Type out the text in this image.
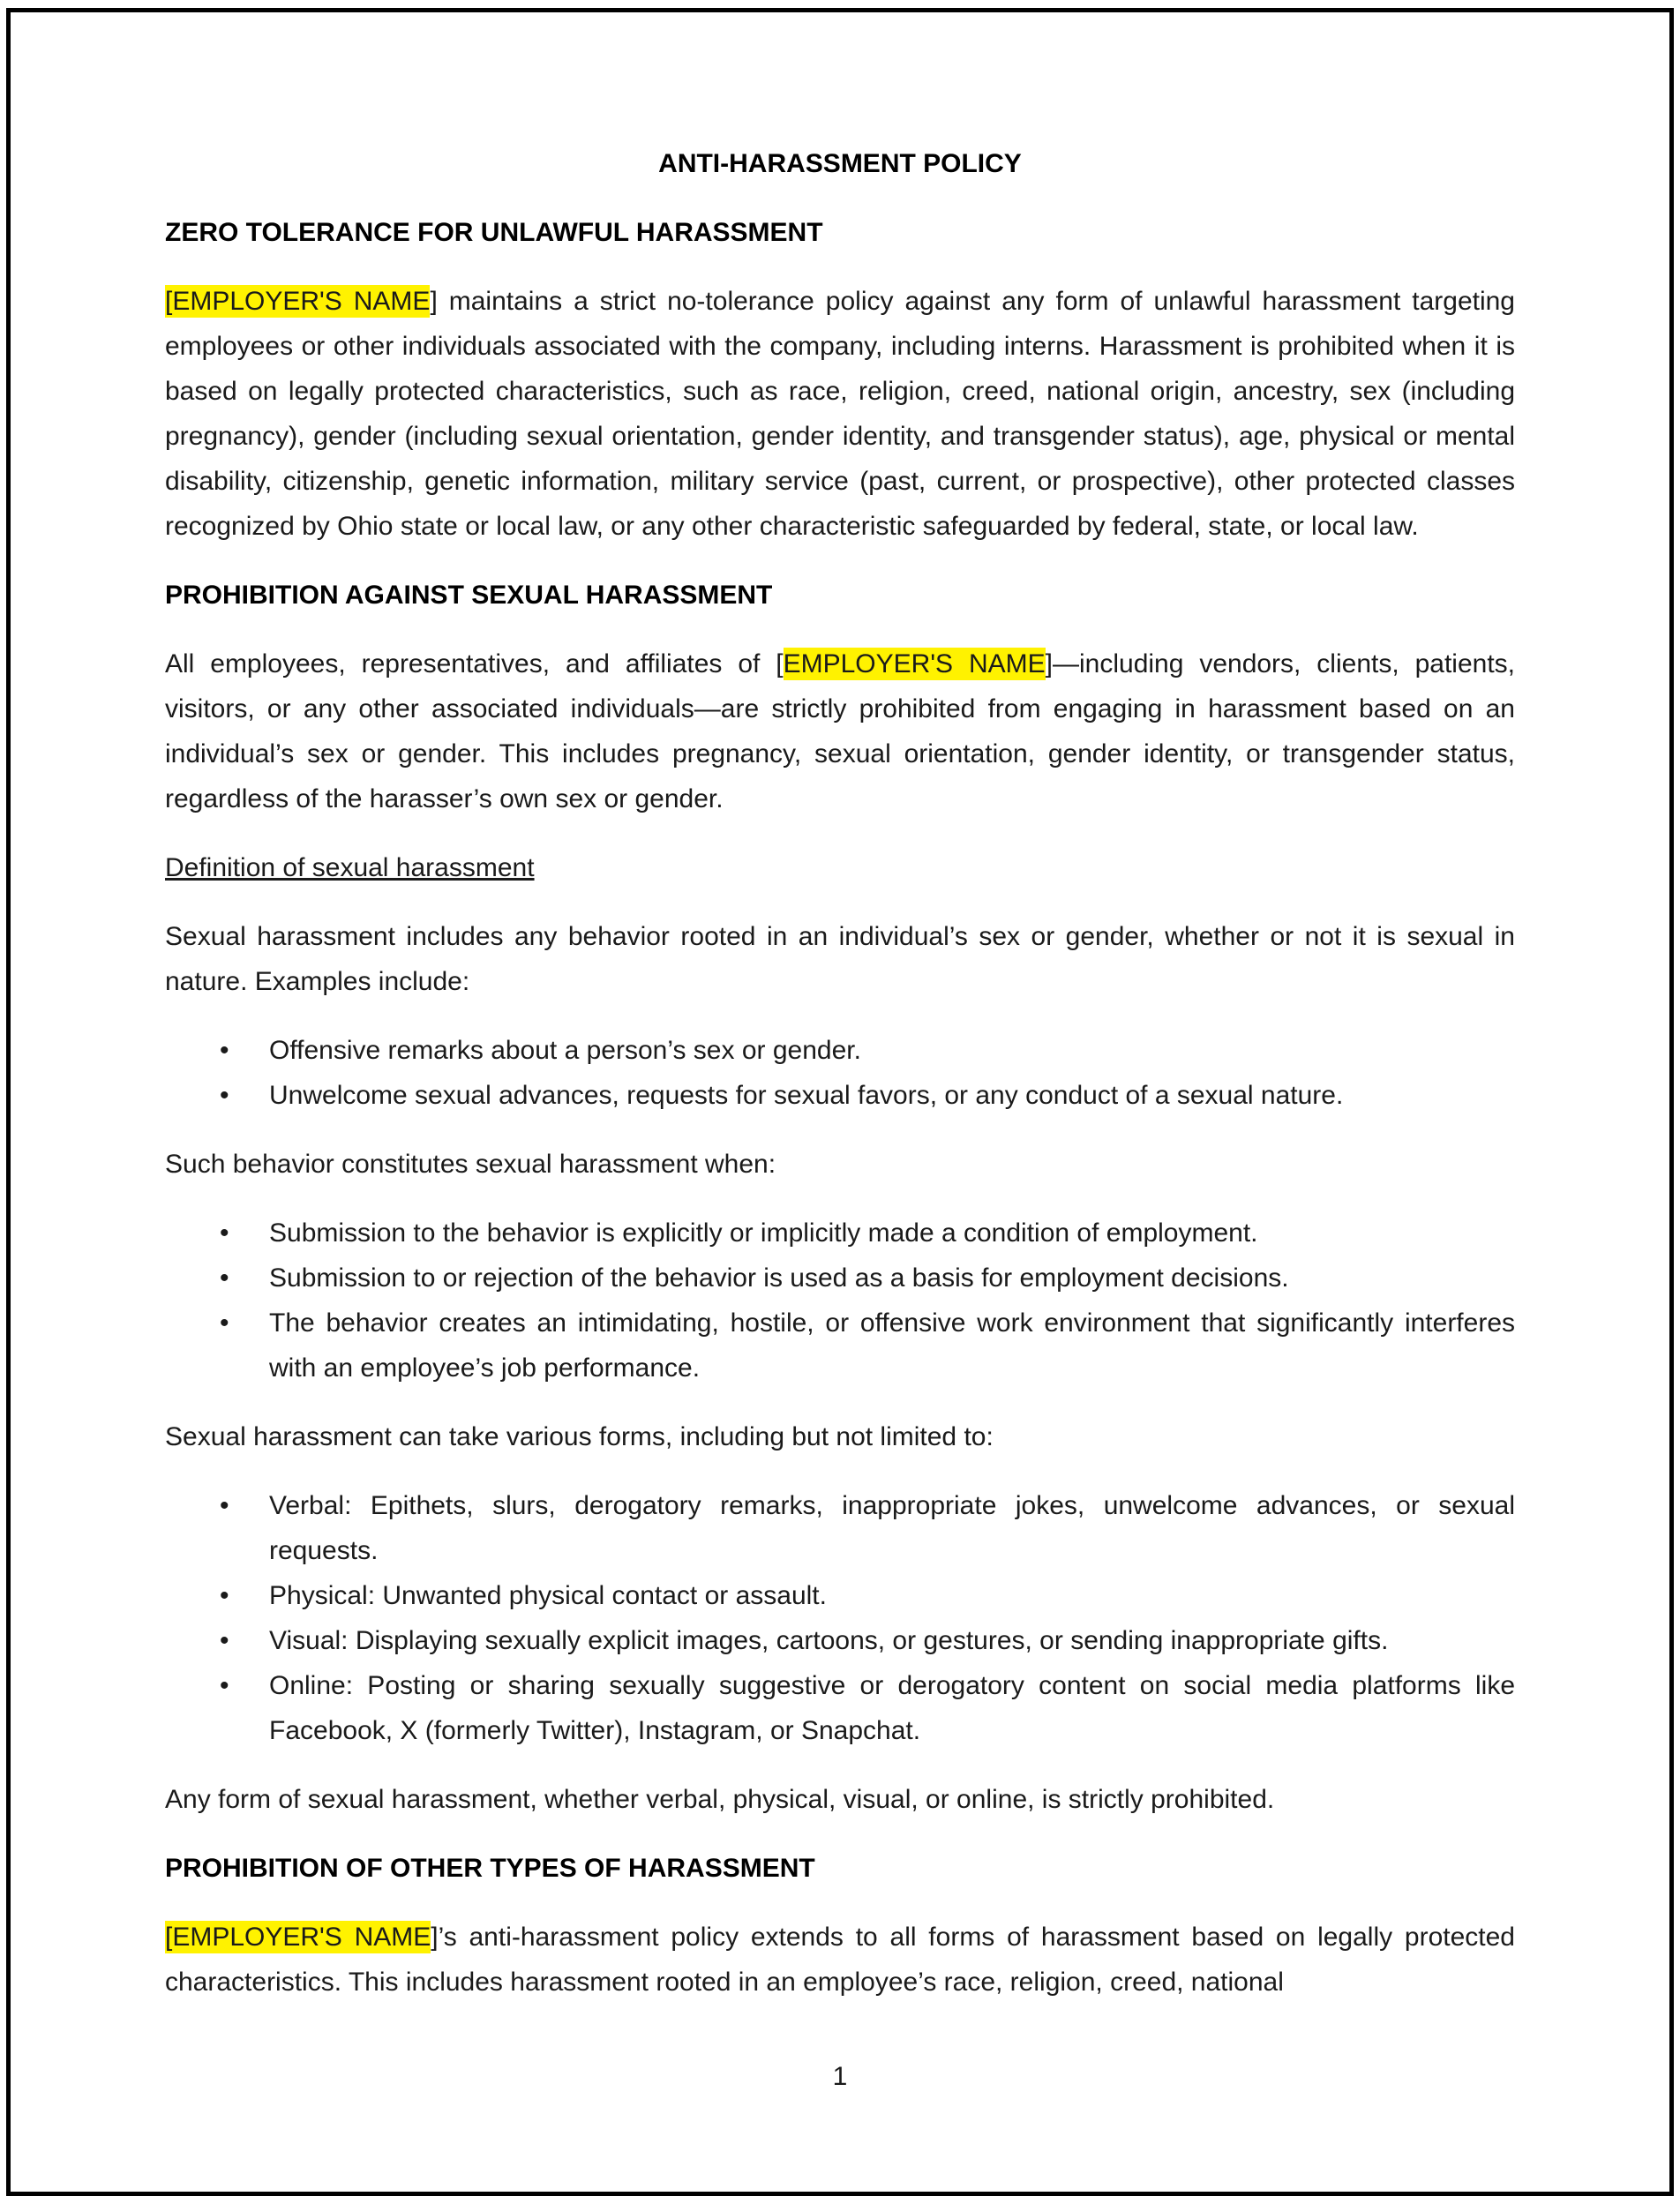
ANTI-HARASSMENT POLICY
ZERO TOLERANCE FOR UNLAWFUL HARASSMENT

[EMPLOYER'S NAME] maintains a strict no-tolerance policy against any form of unlawful harassment targeting employees or other individuals associated with the company, including interns. Harassment is prohibited when it is based on legally protected characteristics, such as race, religion, creed, national origin, ancestry, sex (including pregnancy), gender (including sexual orientation, gender identity, and transgender status), age, physical or mental disability, citizenship, genetic information, military service (past, current, or prospective), other protected classes recognized by Ohio state or local law, or any other characteristic safeguarded by federal, state, or local law.

PROHIBITION AGAINST SEXUAL HARASSMENT

All employees, representatives, and affiliates of [EMPLOYER'S NAME]—including vendors, clients, patients, visitors, or any other associated individuals—are strictly prohibited from engaging in harassment based on an individual’s sex or gender. This includes pregnancy, sexual orientation, gender identity, or transgender status, regardless of the harasser’s own sex or gender.

Definition of sexual harassment

Sexual harassment includes any behavior rooted in an individual’s sex or gender, whether or not it is sexual in nature. Examples include:

• Offensive remarks about a person’s sex or gender.
• Unwelcome sexual advances, requests for sexual favors, or any conduct of a sexual nature.

Such behavior constitutes sexual harassment when:

• Submission to the behavior is explicitly or implicitly made a condition of employment.
• Submission to or rejection of the behavior is used as a basis for employment decisions.
• The behavior creates an intimidating, hostile, or offensive work environment that significantly interferes with an employee’s job performance.

Sexual harassment can take various forms, including but not limited to:

• Verbal: Epithets, slurs, derogatory remarks, inappropriate jokes, unwelcome advances, or sexual requests.
• Physical: Unwanted physical contact or assault.
• Visual: Displaying sexually explicit images, cartoons, or gestures, or sending inappropriate gifts.
• Online: Posting or sharing sexually suggestive or derogatory content on social media platforms like Facebook, X (formerly Twitter), Instagram, or Snapchat.

Any form of sexual harassment, whether verbal, physical, visual, or online, is strictly prohibited.

PROHIBITION OF OTHER TYPES OF HARASSMENT

[EMPLOYER'S NAME]’s anti-harassment policy extends to all forms of harassment based on legally protected characteristics. This includes harassment rooted in an employee’s race, religion, creed, national

1
